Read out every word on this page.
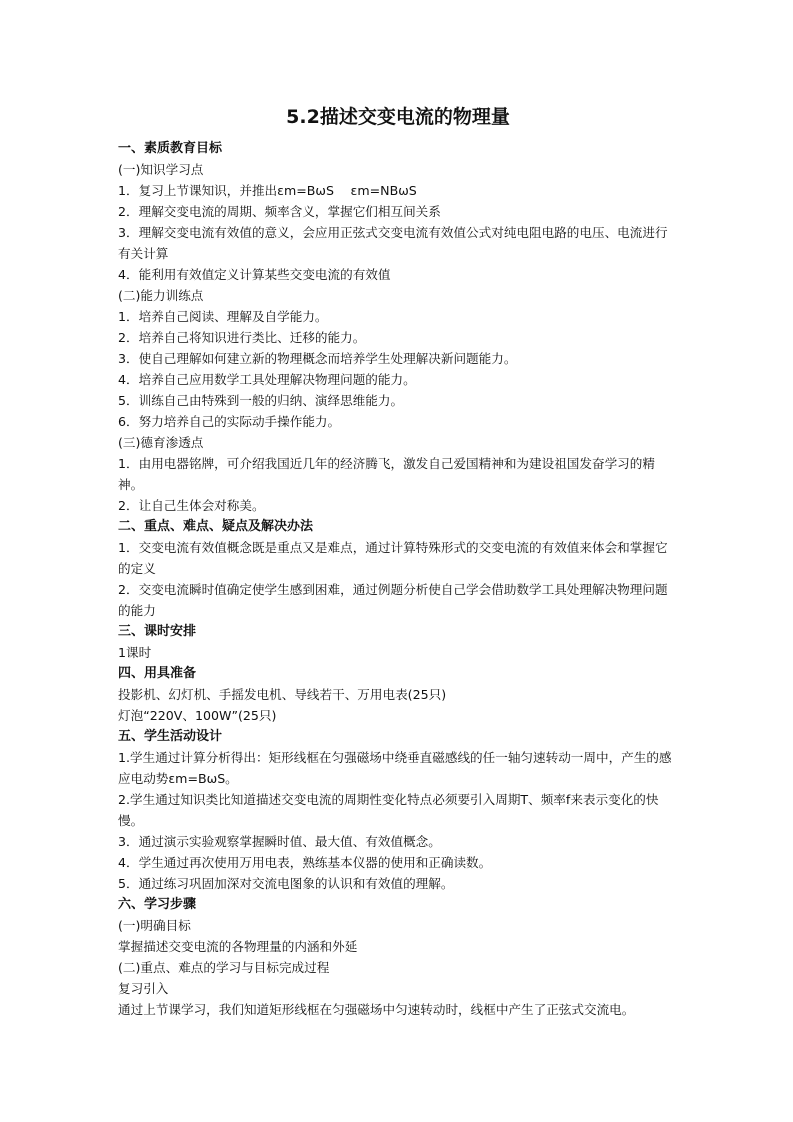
5.2描述交变电流的物理量
一、素质教育目标
(一)知识学习点
1．复习上节课知识，并推出εm=BωS　 εm=NBωS
2．理解交变电流的周期、频率含义，掌握它们相互间关系
3．理解交变电流有效值的意义，会应用正弦式交变电流有效值公式对纯电阻电路的电压、电流进行有关计算
4．能利用有效值定义计算某些交变电流的有效值
(二)能力训练点
1．培养自己阅读、理解及自学能力。
2．培养自己将知识进行类比、迁移的能力。
3．使自己理解如何建立新的物理概念而培养学生处理解决新问题能力。
4．培养自己应用数学工具处理解决物理问题的能力。
5．训练自己由特殊到一般的归纳、演绎思维能力。
6．努力培养自己的实际动手操作能力。
(三)德育渗透点
1．由用电器铭牌，可介绍我国近几年的经济腾飞，激发自己爱国精神和为建设祖国发奋学习的精神。
2．让自己生体会对称美。
二、重点、难点、疑点及解决办法
1．交变电流有效值概念既是重点又是难点，通过计算特殊形式的交变电流的有效值来体会和掌握它的定义
2．交变电流瞬时值确定使学生感到困难，通过例题分析使自己学会借助数学工具处理解决物理问题的能力
三、课时安排
1课时
四、用具准备
投影机、幻灯机、手摇发电机、导线若干、万用电表(25只)
灯泡“220V、100W”(25只)
五、学生活动设计
1.学生通过计算分析得出：矩形线框在匀强磁场中绕垂直磁感线的任一轴匀速转动一周中，产生的感应电动势εm=BωS。
2.学生通过知识类比知道描述交变电流的周期性变化特点必须要引入周期T、频率f来表示变化的快慢。
3．通过演示实验观察掌握瞬时值、最大值、有效值概念。
4．学生通过再次使用万用电表，熟练基本仪器的使用和正确读数。
5．通过练习巩固加深对交流电图象的认识和有效值的理解。
六、学习步骤
(一)明确目标
掌握描述交变电流的各物理量的内涵和外延
(二)重点、难点的学习与目标完成过程
复习引入
通过上节课学习，我们知道矩形线框在匀强磁场中匀速转动时，线框中产生了正弦式交流电。
